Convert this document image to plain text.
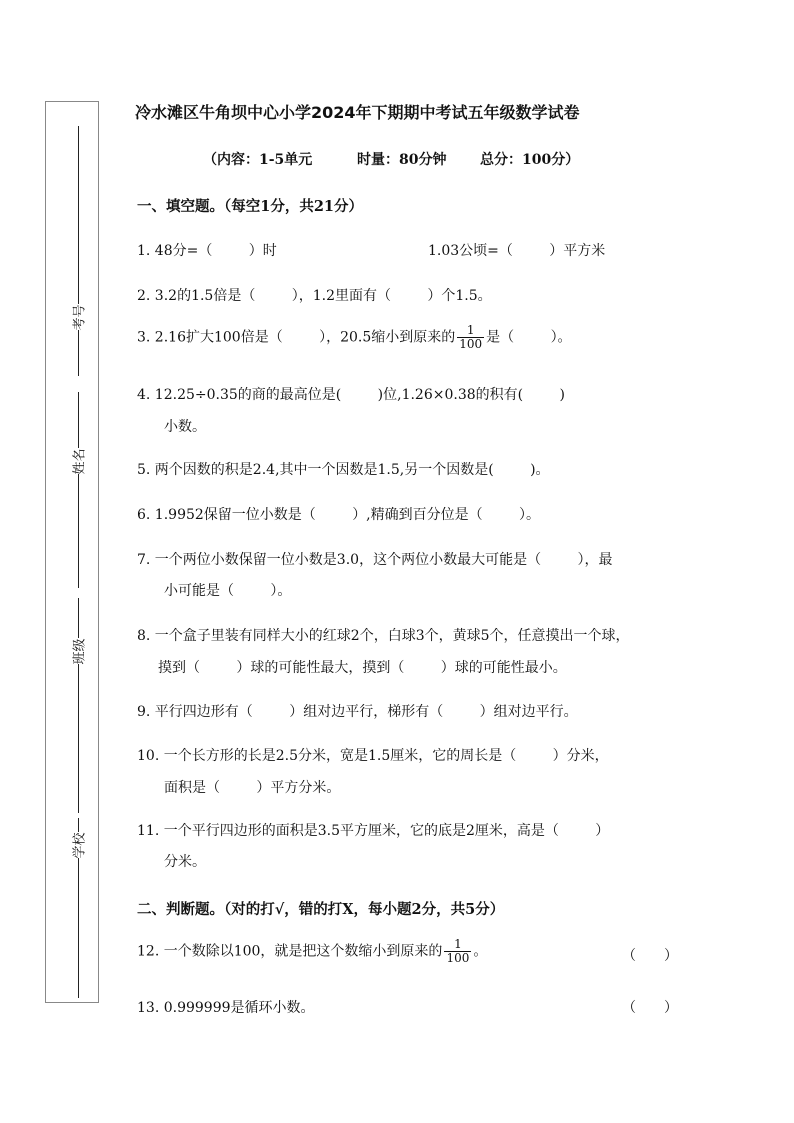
考号
姓名
班级
学校
冷水滩区牛角坝中心小学2024年下期期中考试五年级数学试卷
（内容：1-5单元	时量：80分钟 总分：100分）
一、填空题。（每空1分，共21分）
1. 48分=（	）时	1.03公顷=（	）平方米
2. 3.2的1.5倍是（	），1.2里面有（	）个1.5。
3. 2.16扩大100倍是（	），20.5缩小到原来的 $\frac{1}{100}$ 是（	）。
4. 12.25÷0.35的商的最高位是(	)位,1.26×0.38的积有(	)
小数。
5. 两个因数的积是2.4,其中一个因数是1.5,另一个因数是(	)。
6. 1.9952保留一位小数是（	）,精确到百分位是（	）。
7. 一个两位小数保留一位小数是3.0，这个两位小数最大可能是（	），最
小可能是（	）。
8. 一个盒子里装有同样大小的红球2个，白球3个，黄球5个，任意摸出一个球，
摸到（	）球的可能性最大，摸到（	）球的可能性最小。
9. 平行四边形有（	）组对边平行，梯形有（	）组对边平行。
10. 一个长方形的长是2.5分米，宽是1.5厘米，它的周长是（	）分米，
面积是（	）平方分米。
11. 一个平行四边形的面积是3.5平方厘米，它的底是2厘米，高是（	）
分米。
二、判断题。（对的打√，错的打X，每小题2分，共5分）
12. 一个数除以100，就是把这个数缩小到原来的 $\frac{1}{100}$ 。	（　　）
13. 0.999999是循环小数。	（　　）
